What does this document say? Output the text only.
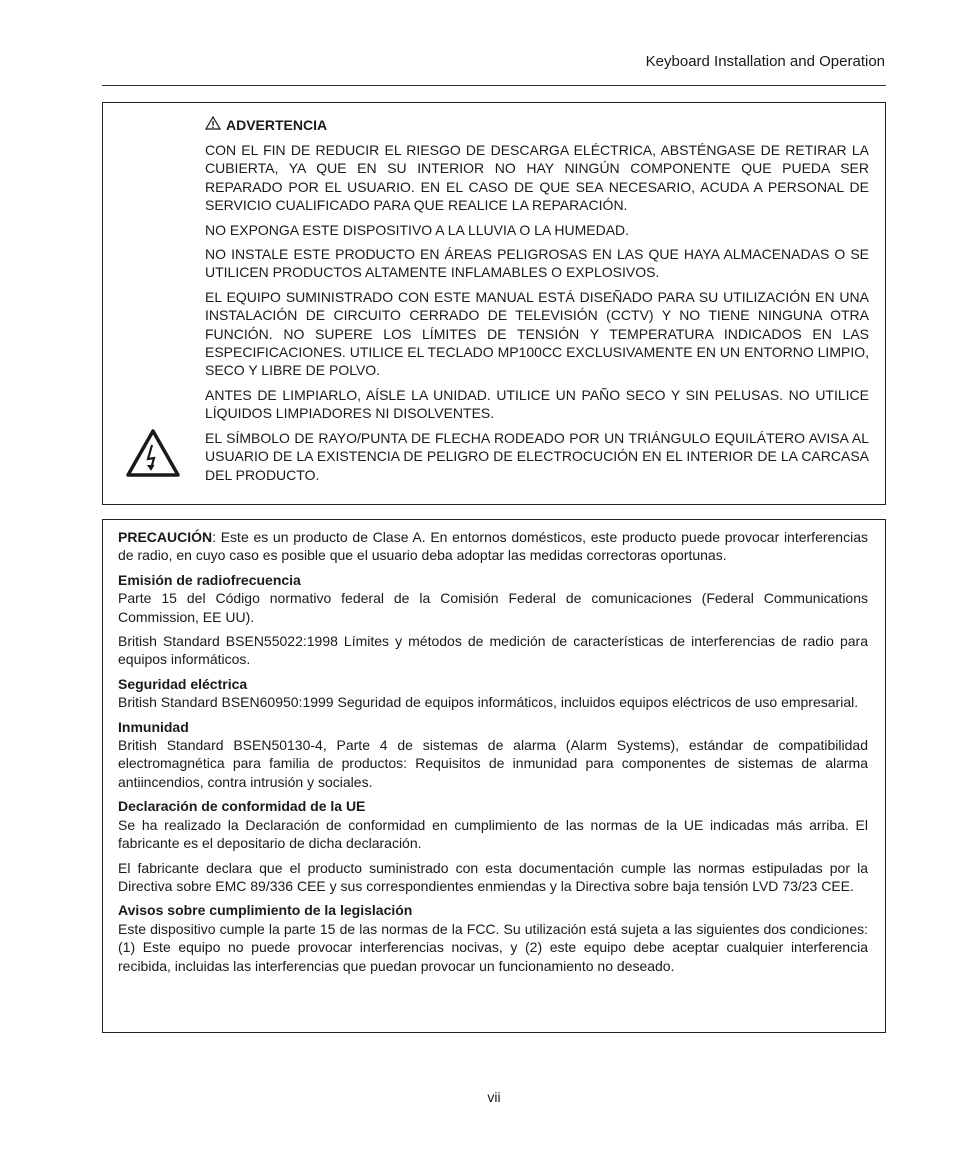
Keyboard Installation and Operation
ADVERTENCIA

CON EL FIN DE REDUCIR EL RIESGO DE DESCARGA ELÉCTRICA, ABSTÉNGASE DE RETIRAR LA CUBIERTA, YA QUE EN SU INTERIOR NO HAY NINGÚN COMPONENTE QUE PUEDA SER REPARADO POR EL USUARIO. EN EL CASO DE QUE SEA NECESARIO, ACUDA A PERSONAL DE SERVICIO CUALIFICADO PARA QUE REALICE LA REPARACIÓN.

NO EXPONGA ESTE DISPOSITIVO A LA LLUVIA O LA HUMEDAD.

NO INSTALE ESTE PRODUCTO EN ÁREAS PELIGROSAS EN LAS QUE HAYA ALMACENADAS O SE UTILICEN PRODUCTOS ALTAMENTE INFLAMABLES O EXPLOSIVOS.

EL EQUIPO SUMINISTRADO CON ESTE MANUAL ESTÁ DISEÑADO PARA SU UTILIZACIÓN EN UNA INSTALACIÓN DE CIRCUITO CERRADO DE TELEVISIÓN (CCTV) Y NO TIENE NINGUNA OTRA FUNCIÓN. NO SUPERE LOS LÍMITES DE TENSIÓN Y TEMPERATURA INDICADOS EN LAS ESPECIFICACIONES. UTILICE EL TECLADO MP100CC EXCLUSIVAMENTE EN UN ENTORNO LIMPIO, SECO Y LIBRE DE POLVO.

ANTES DE LIMPIARLO, AÍSLE LA UNIDAD. UTILICE UN PAÑO SECO Y SIN PELUSAS. NO UTILICE LÍQUIDOS LIMPIADORES NI DISOLVENTES.

EL SÍMBOLO DE RAYO/PUNTA DE FLECHA RODEADO POR UN TRIÁNGULO EQUILÁTERO AVISA AL USUARIO DE LA EXISTENCIA DE PELIGRO DE ELECTROCUCIÓN EN EL INTERIOR DE LA CARCASA DEL PRODUCTO.

PRECAUCIÓN: Este es un producto de Clase A. En entornos domésticos, este producto puede provocar interferencias de radio, en cuyo caso es posible que el usuario deba adoptar las medidas correctoras oportunas.

Emisión de radiofrecuencia
Parte 15 del Código normativo federal de la Comisión Federal de comunicaciones (Federal Communications Commission, EE UU).

British Standard BSEN55022:1998 Límites y métodos de medición de características de interferencias de radio para equipos informáticos.

Seguridad eléctrica
British Standard BSEN60950:1999 Seguridad de equipos informáticos, incluidos equipos eléctricos de uso empresarial.

Inmunidad
British Standard BSEN50130-4, Parte 4 de sistemas de alarma (Alarm Systems), estándar de compatibilidad electromagnética para familia de productos: Requisitos de inmunidad para componentes de sistemas de alarma antiincendios, contra intrusión y sociales.

Declaración de conformidad de la UE
Se ha realizado la Declaración de conformidad en cumplimiento de las normas de la UE indicadas más arriba. El fabricante es el depositario de dicha declaración.

El fabricante declara que el producto suministrado con esta documentación cumple las normas estipuladas por la Directiva sobre EMC 89/336 CEE y sus correspondientes enmiendas y la Directiva sobre baja tensión LVD 73/23 CEE.

Avisos sobre cumplimiento de la legislación
Este dispositivo cumple la parte 15 de las normas de la FCC. Su utilización está sujeta a las siguientes dos condiciones: (1) Este equipo no puede provocar interferencias nocivas, y (2) este equipo debe aceptar cualquier interferencia recibida, incluidas las interferencias que puedan provocar un funcionamiento no deseado.

vii
